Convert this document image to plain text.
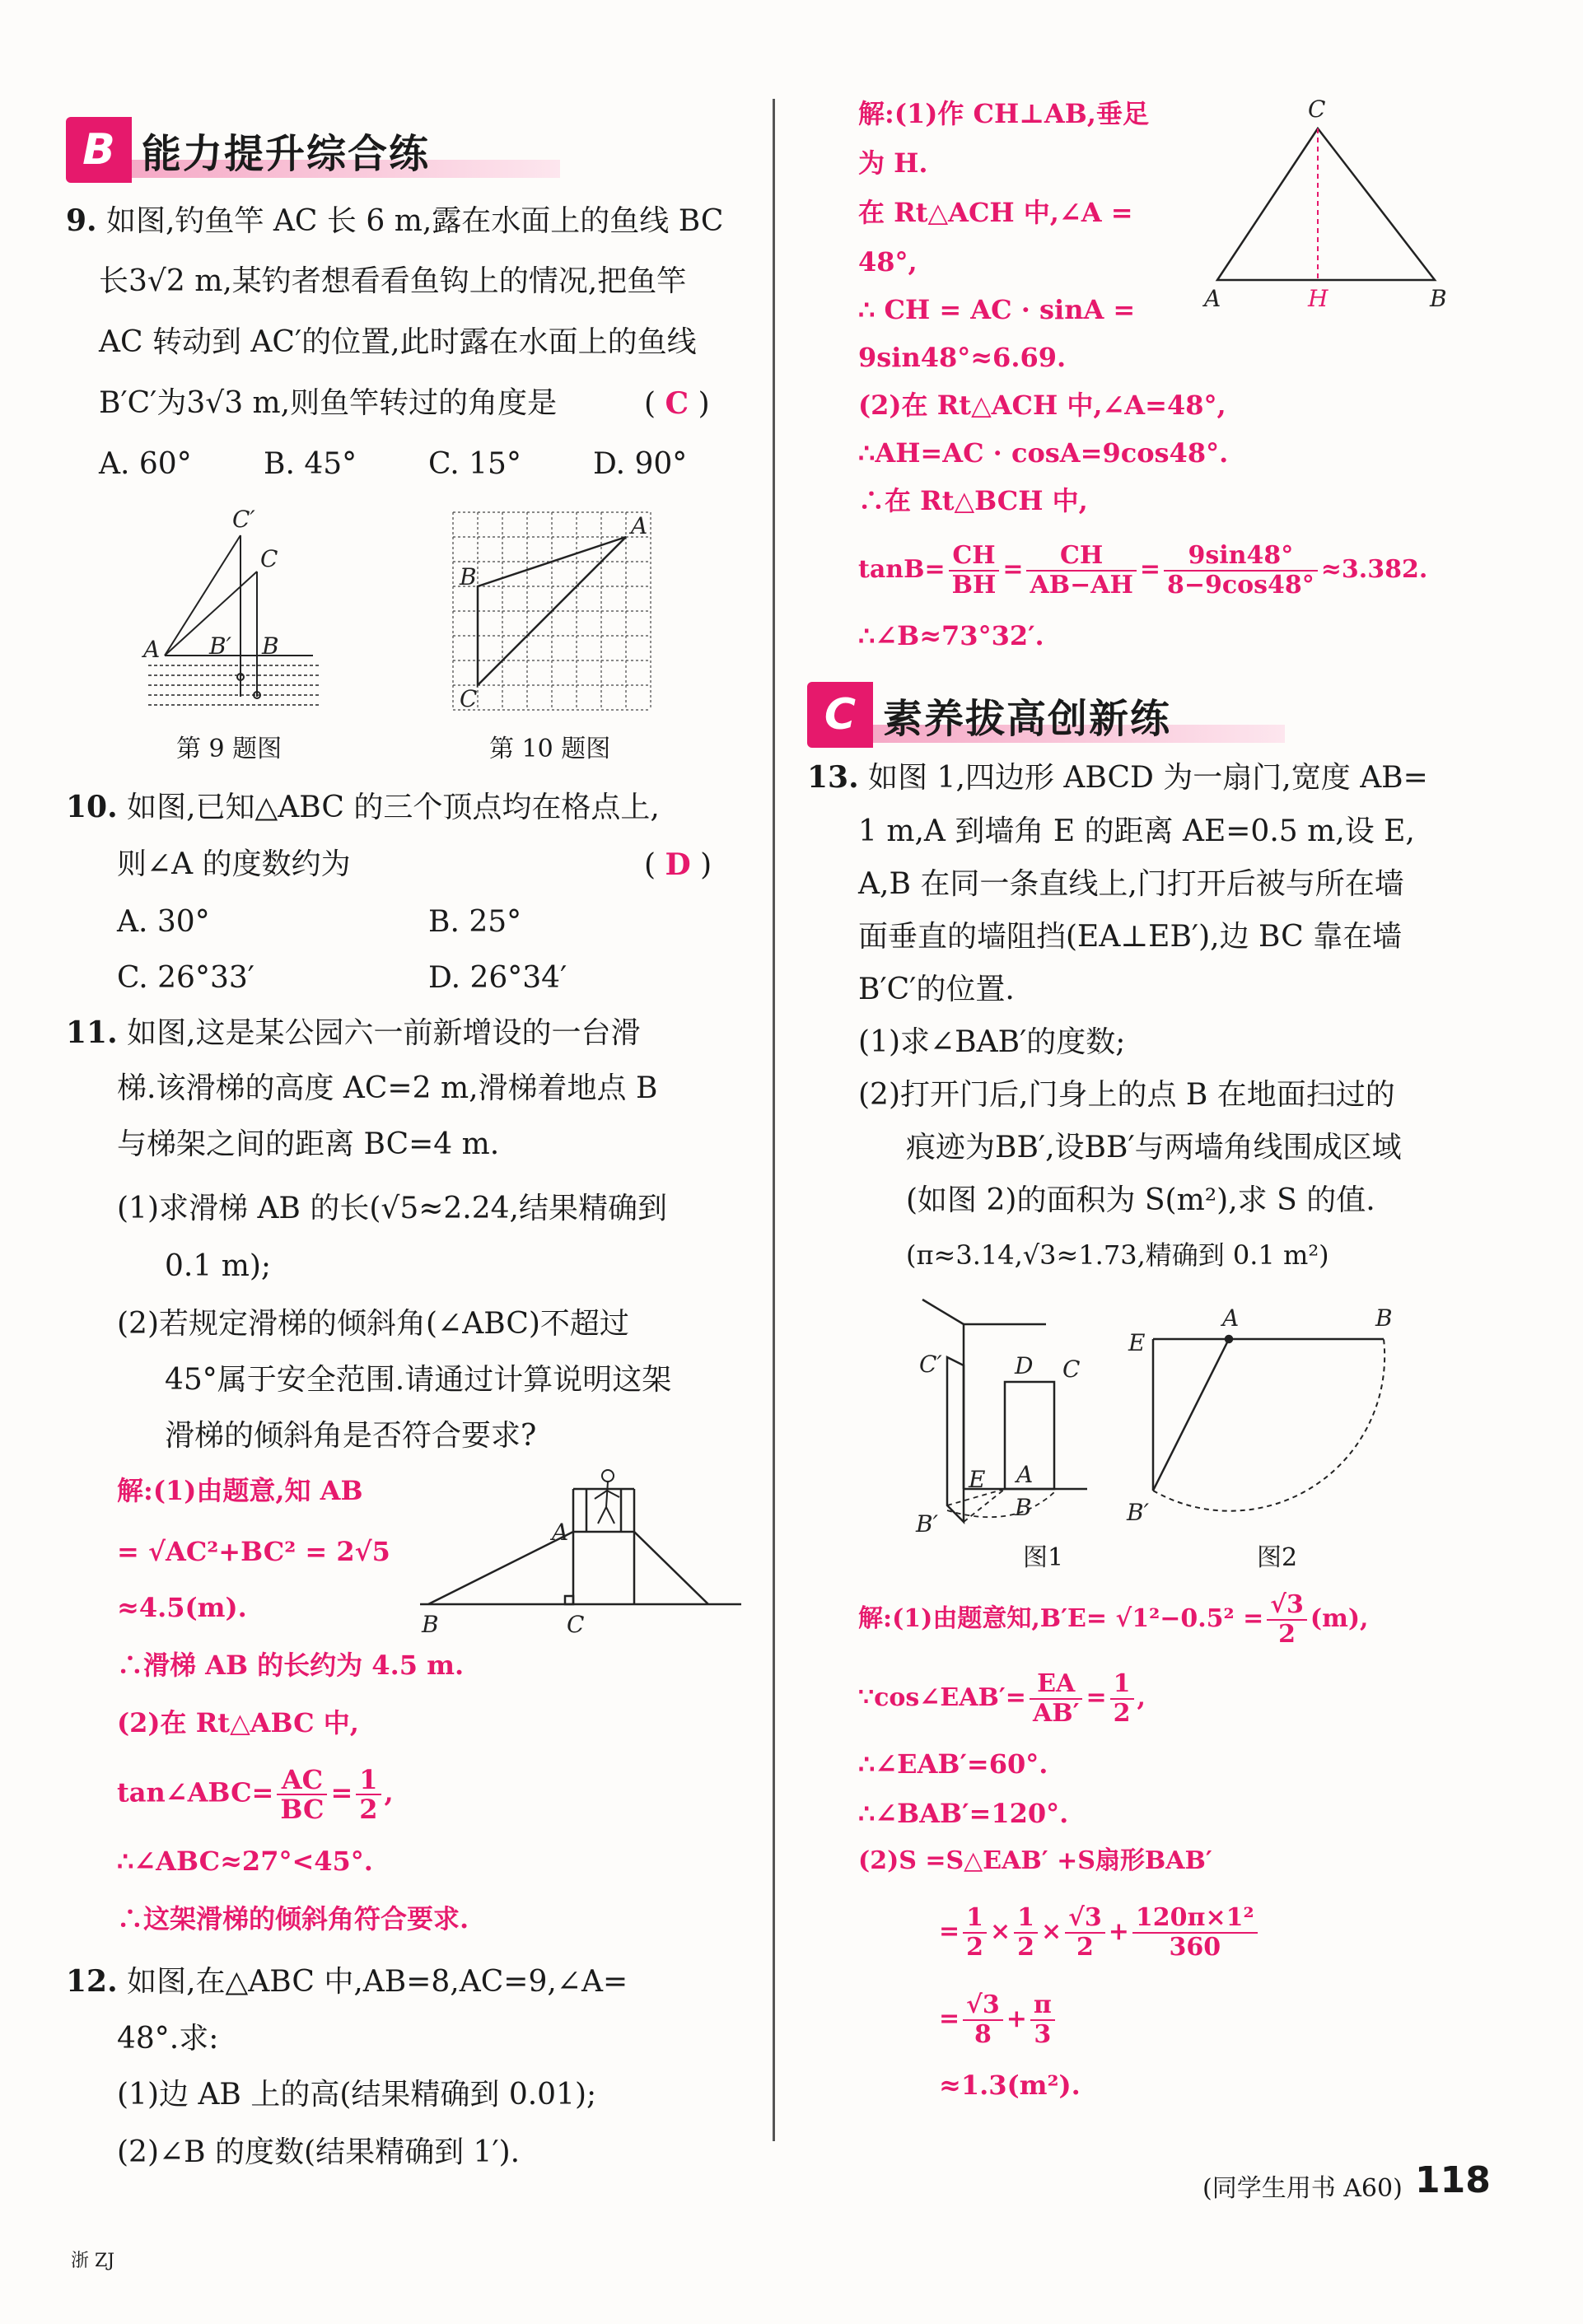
B 能力提升综合练
9. 如图,钓鱼竿 AC 长 6 m,露在水面上的鱼线 BC
长3√2 m,某钓者想看看鱼钩上的情况,把鱼竿
AC 转动到 AC′的位置,此时露在水面上的鱼线
B′C′为3√3 m,则鱼竿转过的角度是	( C )
A. 60° B. 45° C. 15° D. 90°
C′
C
A B′ B
第 9 题图
A
B
C
第 10 题图
10. 如图,已知△ABC 的三个顶点均在格点上,
则∠A 的度数约为	( D )
A. 30°	B. 25°
C. 26°33′	D. 26°34′
11. 如图,这是某公园六一前新增设的一台滑
梯.该滑梯的高度 AC=2 m,滑梯着地点 B
与梯架之间的距离 BC=4 m.
(1)求滑梯 AB 的长(√5≈2.24,结果精确到
0.1 m);
(2)若规定滑梯的倾斜角(∠ABC)不超过
45°属于安全范围.请通过计算说明这架
滑梯的倾斜角是否符合要求?
解:(1)由题意,知 AB
= √AC²+BC² = 2√5
≈4.5(m).
∴滑梯 AB 的长约为 4.5 m.
(2)在 Rt△ABC 中,
tan∠ABC= $\frac{AC}{BC} = \frac{1}{2}$ ,
∴∠ABC≈27°<45°.
∴这架滑梯的倾斜角符合要求.
A
B	C
12. 如图,在△ABC 中,AB=8,AC=9,∠A=
48°.求:
(1)边 AB 上的高(结果精确到 0.01);
(2)∠B 的度数(结果精确到 1′).
浙 ZJ
解:(1)作 CH⊥AB,垂足
为 H.
在 Rt△ACH 中,∠A =
48°,
∴ CH = AC · sinA =
9sin48°≈6.69.
(2)在 Rt△ACH 中,∠A=48°,
∴AH=AC · cosA=9cos48°.
∴在 Rt△BCH 中,
$\tan B= \frac{CH}{BH} = \frac{CH}{AB-AH} = \frac{9\sin 48^\circ}{8-9\cos 48^\circ} \approx 3.382$.
∴∠B≈73°32′.
C
A	H	B
C 素养拔高创新练
13. 如图 1,四边形 ABCD 为一扇门,宽度 AB=
1 m,A 到墙角 E 的距离 AE=0.5 m,设 E,
A,B 在同一条直线上,门打开后被与所在墙
面垂直的墙阻挡(EA⊥EB′),边 BC 靠在墙
B′C′的位置.
(1)求∠BAB′的度数;
(2)打开门后,门身上的点 B 在地面扫过的
痕迹为BB′,设BB′与两墙角线围成区域
(如图 2)的面积为 S(m²),求 S 的值.
(π≈3.14,√3≈1.73,精确到 0.1 m²)
C′	D C
E A
B′
B
图1
E
A	B
B′
图2
解:(1)由题意知$,B'E= √1^2-0.5^2 = \frac{√3}{2} (m)$,
∵cos∠EAB′= $\frac{EA}{AB'} = \frac{1}{2}$ ,
∴∠EAB′=60°.
∴∠BAB′=120°.
(2)S =S△EAB′ +S扇形BAB′
= $\frac{1}{2} \times \frac{1}{2} \times \frac{√3}{2} + \frac{\text{120π×1²}}{360}$
= $\frac{√3}{8} + \frac{\pi}{3}$
≈1.3(m²).
(同学生用书 A60) 118
